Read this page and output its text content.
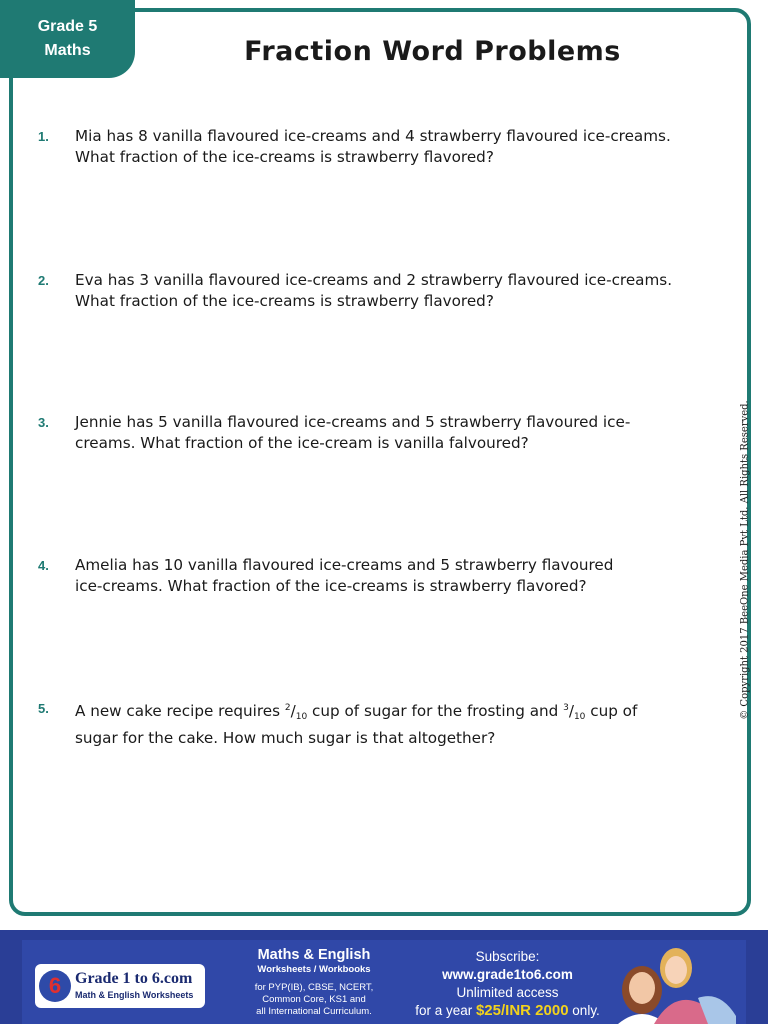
Grade 5
Maths	Fraction Word Problems
1. Mia has 8 vanilla flavoured ice-creams and 4 strawberry flavoured ice-creams.
What fraction of the ice-creams is strawberry flavored?
2. Eva has 3 vanilla flavoured ice-creams and 2 strawberry flavoured ice-creams.
What fraction of the ice-creams is strawberry flavored?
3. Jennie has 5 vanilla flavoured ice-creams and 5 strawberry flavoured ice-
creams. What fraction of the ice-cream is vanilla falvoured?
4. Amelia has 10 vanilla flavoured ice-creams and 5 strawberry flavoured
ice-creams. What fraction of the ice-creams is strawberry flavored?
5. A new cake recipe requires $^2/_{10}$ cup of sugar for the frosting and $^3/_{10}$ cup of
sugar for the cake. How much sugar is that altogether?
© Copyright 2017 BeeOne Media Pvt Ltd. All Rights Reserved.
6 Grade 1 to 6.com
Math & English Worksheets
Maths & English
Worksheets / Workbooks
for PYP(IB), CBSE, NCERT,
Common Core, KS1 and
all International Curriculum.
Subscribe:
www.grade1to6.com
Unlimited access
for a year $25/INR 2000 only.
